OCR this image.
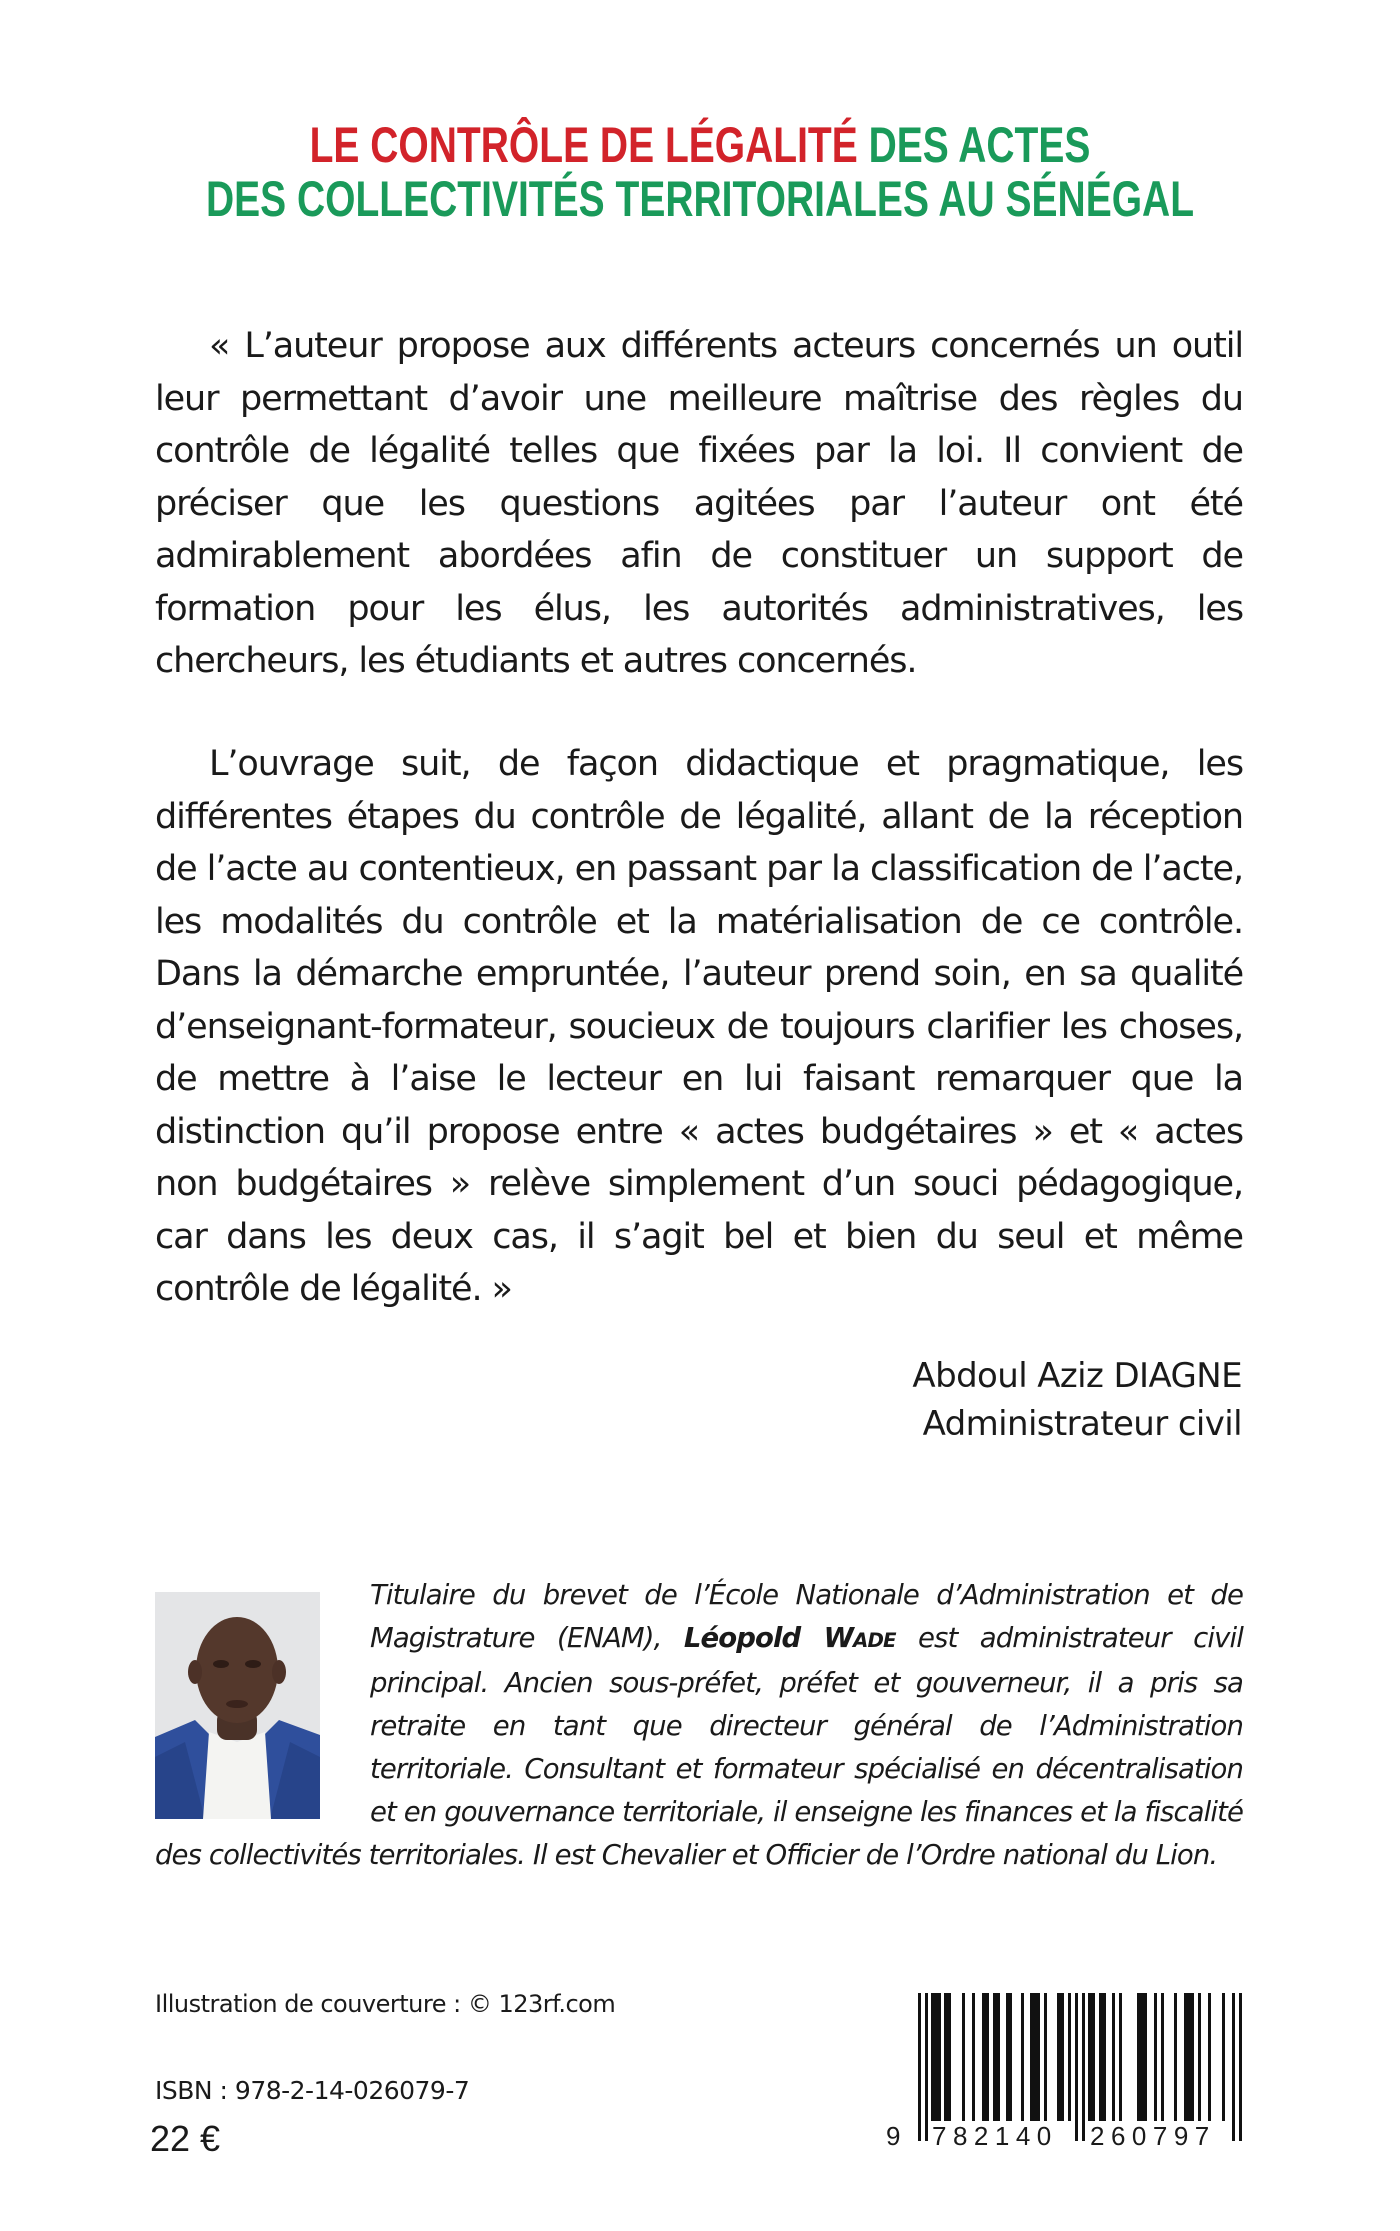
LE CONTRÔLE DE LÉGALITÉ DES ACTES
DES COLLECTIVITÉS TERRITORIALES AU SÉNÉGAL

« L’auteur propose aux différents acteurs concernés un outil leur permettant d’avoir une meilleure maîtrise des règles du contrôle de légalité telles que fixées par la loi. Il convient de préciser que les questions agitées par l’auteur ont été admirablement abordées afin de constituer un support de formation pour les élus, les autorités administratives, les chercheurs, les étudiants et autres concernés.

L’ouvrage suit, de façon didactique et pragmatique, les différentes étapes du contrôle de légalité, allant de la réception de l’acte au contentieux, en passant par la classification de l’acte, les modalités du contrôle et la matérialisation de ce contrôle. Dans la démarche empruntée, l’auteur prend soin, en sa qualité d’enseignant-formateur, soucieux de toujours clarifier les choses, de mettre à l’aise le lecteur en lui faisant remarquer que la distinction qu’il propose entre « actes budgétaires » et « actes non budgétaires » relève simplement d’un souci pédagogique, car dans les deux cas, il s’agit bel et bien du seul et même contrôle de légalité. »

Abdoul Aziz DIAGNE
Administrateur civil
Titulaire du brevet de l’École Nationale d’Administration et de Magistrature (ENAM), Léopold WADE est administrateur civil principal. Ancien sous-préfet, préfet et gouverneur, il a pris sa retraite en tant que directeur général de l’Administration territoriale. Consultant et formateur spécialisé en décentralisation et en gouvernance territoriale, il enseigne les finances et la fiscalité des collectivités territoriales. Il est Chevalier et Officier de l’Ordre national du Lion.
Illustration de couverture : © 123rf.com
ISBN : 978-2-14-026079-7
22 €	9 782140 260797
